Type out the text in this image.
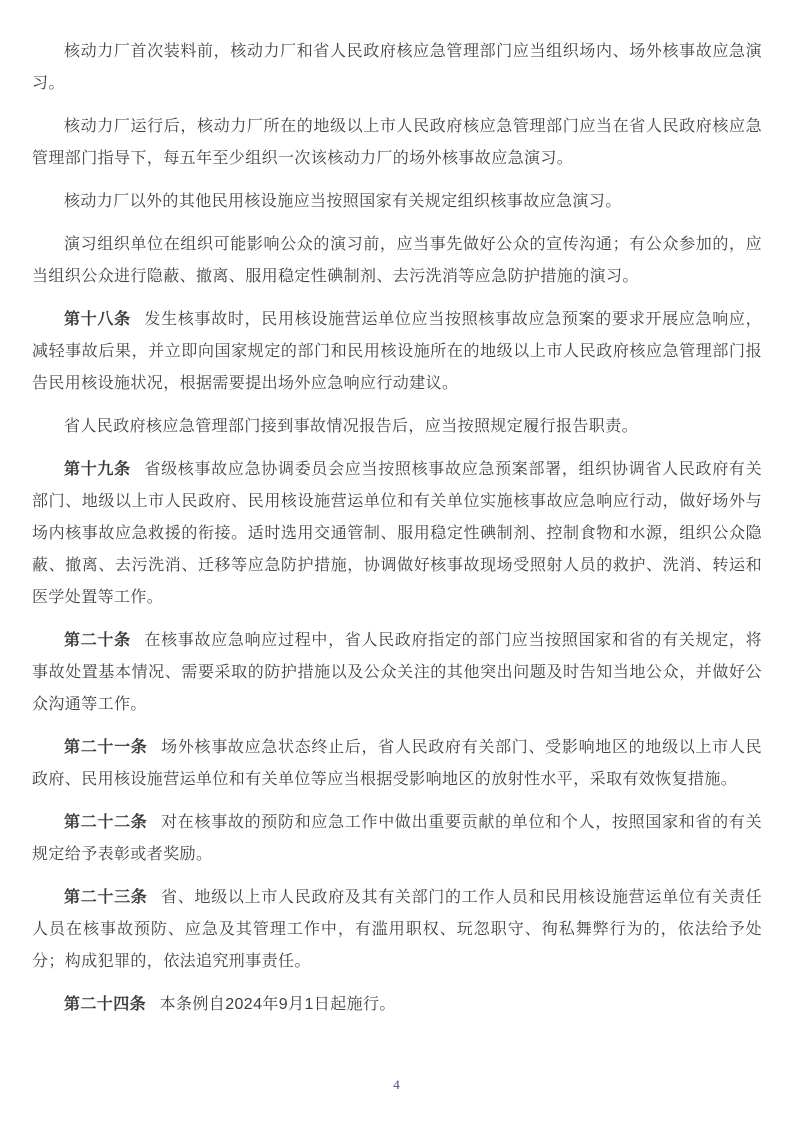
核动力厂首次装料前，核动力厂和省人民政府核应急管理部门应当组织场内、场外核事故应急演习。

核动力厂运行后，核动力厂所在的地级以上市人民政府核应急管理部门应当在省人民政府核应急管理部门指导下，每五年至少组织一次该核动力厂的场外核事故应急演习。

核动力厂以外的其他民用核设施应当按照国家有关规定组织核事故应急演习。

演习组织单位在组织可能影响公众的演习前，应当事先做好公众的宣传沟通；有公众参加的，应当组织公众进行隐蔽、撤离、服用稳定性碘制剂、去污洗消等应急防护措施的演习。

第十八条 发生核事故时，民用核设施营运单位应当按照核事故应急预案的要求开展应急响应，减轻事故后果，并立即向国家规定的部门和民用核设施所在的地级以上市人民政府核应急管理部门报告民用核设施状况，根据需要提出场外应急响应行动建议。

省人民政府核应急管理部门接到事故情况报告后，应当按照规定履行报告职责。

第十九条 省级核事故应急协调委员会应当按照核事故应急预案部署，组织协调省人民政府有关部门、地级以上市人民政府、民用核设施营运单位和有关单位实施核事故应急响应行动，做好场外与场内核事故应急救援的衔接。适时选用交通管制、服用稳定性碘制剂、控制食物和水源，组织公众隐蔽、撤离、去污洗消、迁移等应急防护措施，协调做好核事故现场受照射人员的救护、洗消、转运和医学处置等工作。

第二十条 在核事故应急响应过程中，省人民政府指定的部门应当按照国家和省的有关规定，将事故处置基本情况、需要采取的防护措施以及公众关注的其他突出问题及时告知当地公众，并做好公众沟通等工作。

第二十一条 场外核事故应急状态终止后，省人民政府有关部门、受影响地区的地级以上市人民政府、民用核设施营运单位和有关单位等应当根据受影响地区的放射性水平，采取有效恢复措施。

第二十二条 对在核事故的预防和应急工作中做出重要贡献的单位和个人，按照国家和省的有关规定给予表彰或者奖励。

第二十三条 省、地级以上市人民政府及其有关部门的工作人员和民用核设施营运单位有关责任人员在核事故预防、应急及其管理工作中，有滥用职权、玩忽职守、徇私舞弊行为的，依法给予处分；构成犯罪的，依法追究刑事责任。

第二十四条 本条例自2024年9月1日起施行。

4
